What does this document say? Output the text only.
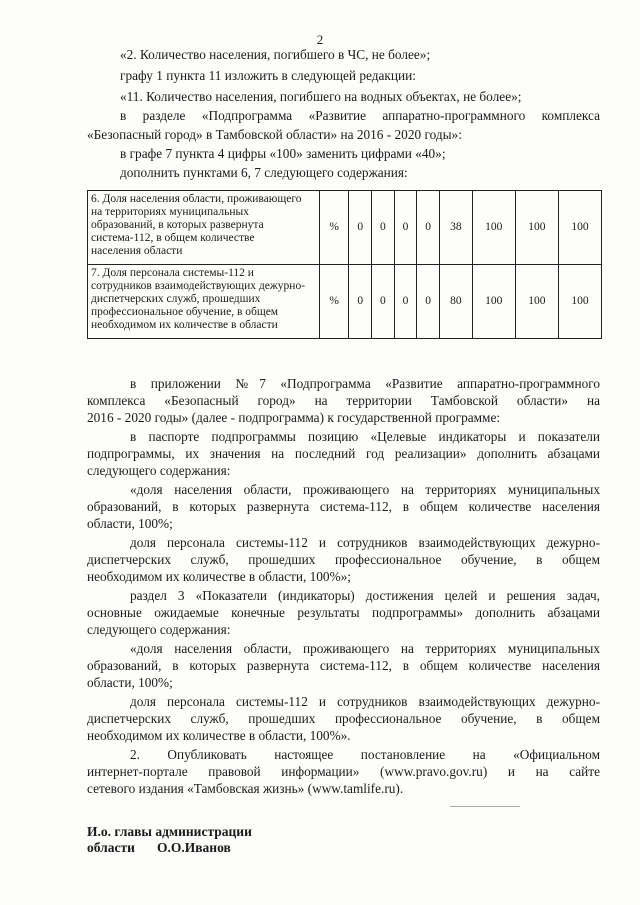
2
«2. Количество населения, погибшего в ЧС, не более»;
графу 1 пункта 11 изложить в следующей редакции:
«11. Количество населения, погибшего на водных объектах, не более»;
в разделе «Подпрограмма «Развитие аппаратно-программного комплекса
«Безопасный город» в Тамбовской области» на 2016 - 2020 годы»:
в графе 7 пункта 4 цифры «100» заменить цифрами «40»;
дополнить пунктами 6, 7 следующего содержания:
6. Доля населения области, проживающего
на территориях муниципальных
образований, в которых развернута
система-112, в общем количестве
населения области	%	0	0	0	0	38	100	100	100

7. Доля персонала системы-112 и
сотрудников взаимодействующих дежурно-
диспетчерских служб, прошедших
профессиональное обучение, в общем
необходимом их количестве в области	%	0	0	0	0	80	100	100	100
в приложении №7 «Подпрограмма «Развитие аппаратно-программного
комплекса «Безопасный город» на территории Тамбовской области» на
2016 - 2020 годы» (далее - подпрограмма) к государственной программе:
в паспорте подпрограммы позицию «Целевые индикаторы и показатели
подпрограммы, их значения на последний год реализации» дополнить абзацами
следующего содержания:
«доля населения области, проживающего на территориях муниципальных
образований, в которых развернута система-112, в общем количестве населения
области, 100%;
доля персонала системы-112 и сотрудников взаимодействующих дежурно-
диспетчерских служб, прошедших профессиональное обучение, в общем
необходимом их количестве в области, 100%»;
раздел 3 «Показатели (индикаторы) достижения целей и решения задач,
основные ожидаемые конечные результаты подпрограммы» дополнить абзацами
следующего содержания:
«доля населения области, проживающего на территориях муниципальных
образований, в которых развернута система-112, в общем количестве населения
области, 100%;
доля персонала системы-112 и сотрудников взаимодействующих дежурно-
диспетчерских служб, прошедших профессиональное обучение, в общем
необходимом их количестве в области, 100%».
2. Опубликовать настоящее постановление на «Официальном
интернет-портале правовой информации» (www.pravo.gov.ru) и на сайте
сетевого издания «Тамбовская жизнь» (www.tamlife.ru).
И.о. главы администрации
области О.О.Иванов
